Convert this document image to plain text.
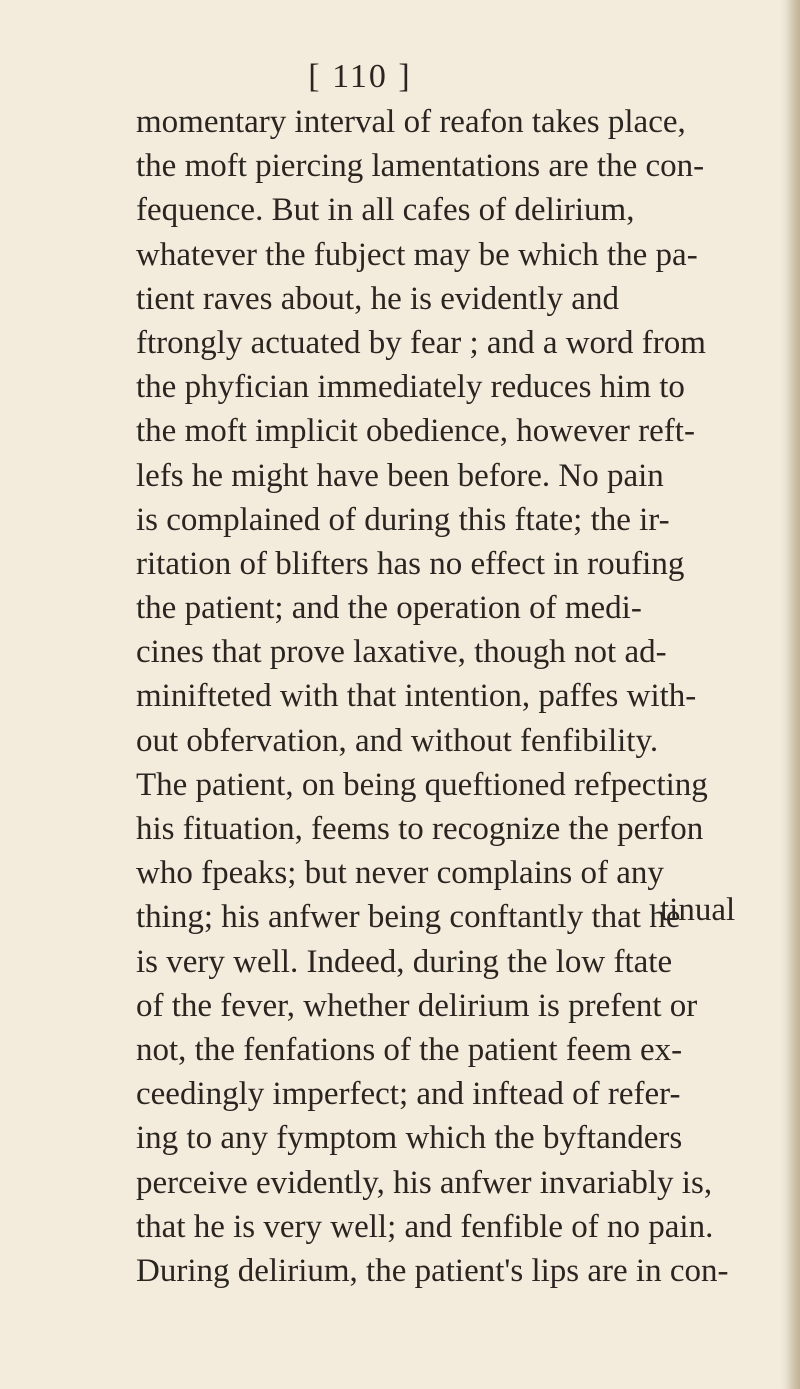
[ 110 ]
momentary interval of reafon takes place,
the moft piercing lamentations are the con-
fequence. But in all cafes of delirium,
whatever the fubject may be which the pa-
tient raves about, he is evidently and
ftrongly actuated by fear ; and a word from
the phyfician immediately reduces him to
the moft implicit obedience, however reft-
lefs he might have been before. No pain
is complained of during this ftate; the ir-
ritation of blifters has no effect in roufing
the patient; and the operation of medi-
cines that prove laxative, though not ad-
minifteted with that intention, paffes with-
out obfervation, and without fenfibility.
The patient, on being queftioned refpecting
his fituation, feems to recognize the perfon
who fpeaks; but never complains of any
thing; his anfwer being conftantly that he
is very well. Indeed, during the low ftate
of the fever, whether delirium is prefent or
not, the fenfations of the patient feem ex-
ceedingly imperfect; and inftead of refer-
ing to any fymptom which the byftanders
perceive evidently, his anfwer invariably is,
that he is very well; and fenfible of no pain.
During delirium, the patient's lips are in con-
tinual
